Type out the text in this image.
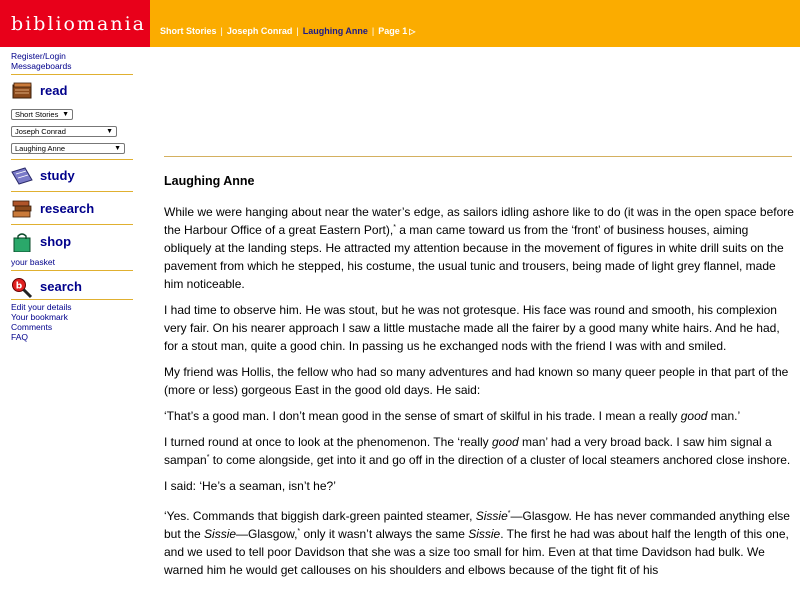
bibliomania Short Stories | Joseph Conrad | Laughing Anne | Page 1 ▷
Register/Login
Messageboards
read
Short Stories ▼
Joseph Conrad	▼
Laughing Anne	▼
study
research
shop
your basket
b search
Edit your details
Your bookmark
Comments
FAQ
Laughing Anne

While we were hanging about near the water’s edge, as sailors idling ashore like to do (it was in the open space before the Harbour Office of a great Eastern Port),* a man came toward us from the ‘front’ of business houses, aiming obliquely at the landing steps. He attracted my attention because in the movement of figures in white drill suits on the pavement from which he stepped, his costume, the usual tunic and trousers, being made of light grey flannel, made him noticeable.

I had time to observe him. He was stout, but he was not grotesque. His face was round and smooth, his complexion very fair. On his nearer approach I saw a little mustache made all the fairer by a good many white hairs. And he had, for a stout man, quite a good chin. In passing us he exchanged nods with the friend I was with and smiled.

My friend was Hollis, the fellow who had so many adventures and had known so many queer people in that part of the (more or less) gorgeous East in the good old days. He said:

‘That’s a good man. I don’t mean good in the sense of smart of skilful in his trade. I mean a really good man.’

I turned round at once to look at the phenomenon. The ‘really good man’ had a very broad back. I saw him signal a sampan* to come alongside, get into it and go off in the direction of a cluster of local steamers anchored close inshore.

I said: ‘He’s a seaman, isn’t he?’

‘Yes. Commands that biggish dark-green painted steamer, Sissie*—Glasgow. He has never commanded anything else but the Sissie—Glasgow,* only it wasn’t always the same Sissie. The first he had was about half the length of this one, and we used to tell poor Davidson that she was a size too small for him. Even at that time Davidson had bulk. We warned him he would get callouses on his shoulders and elbows because of the tight fit of his
